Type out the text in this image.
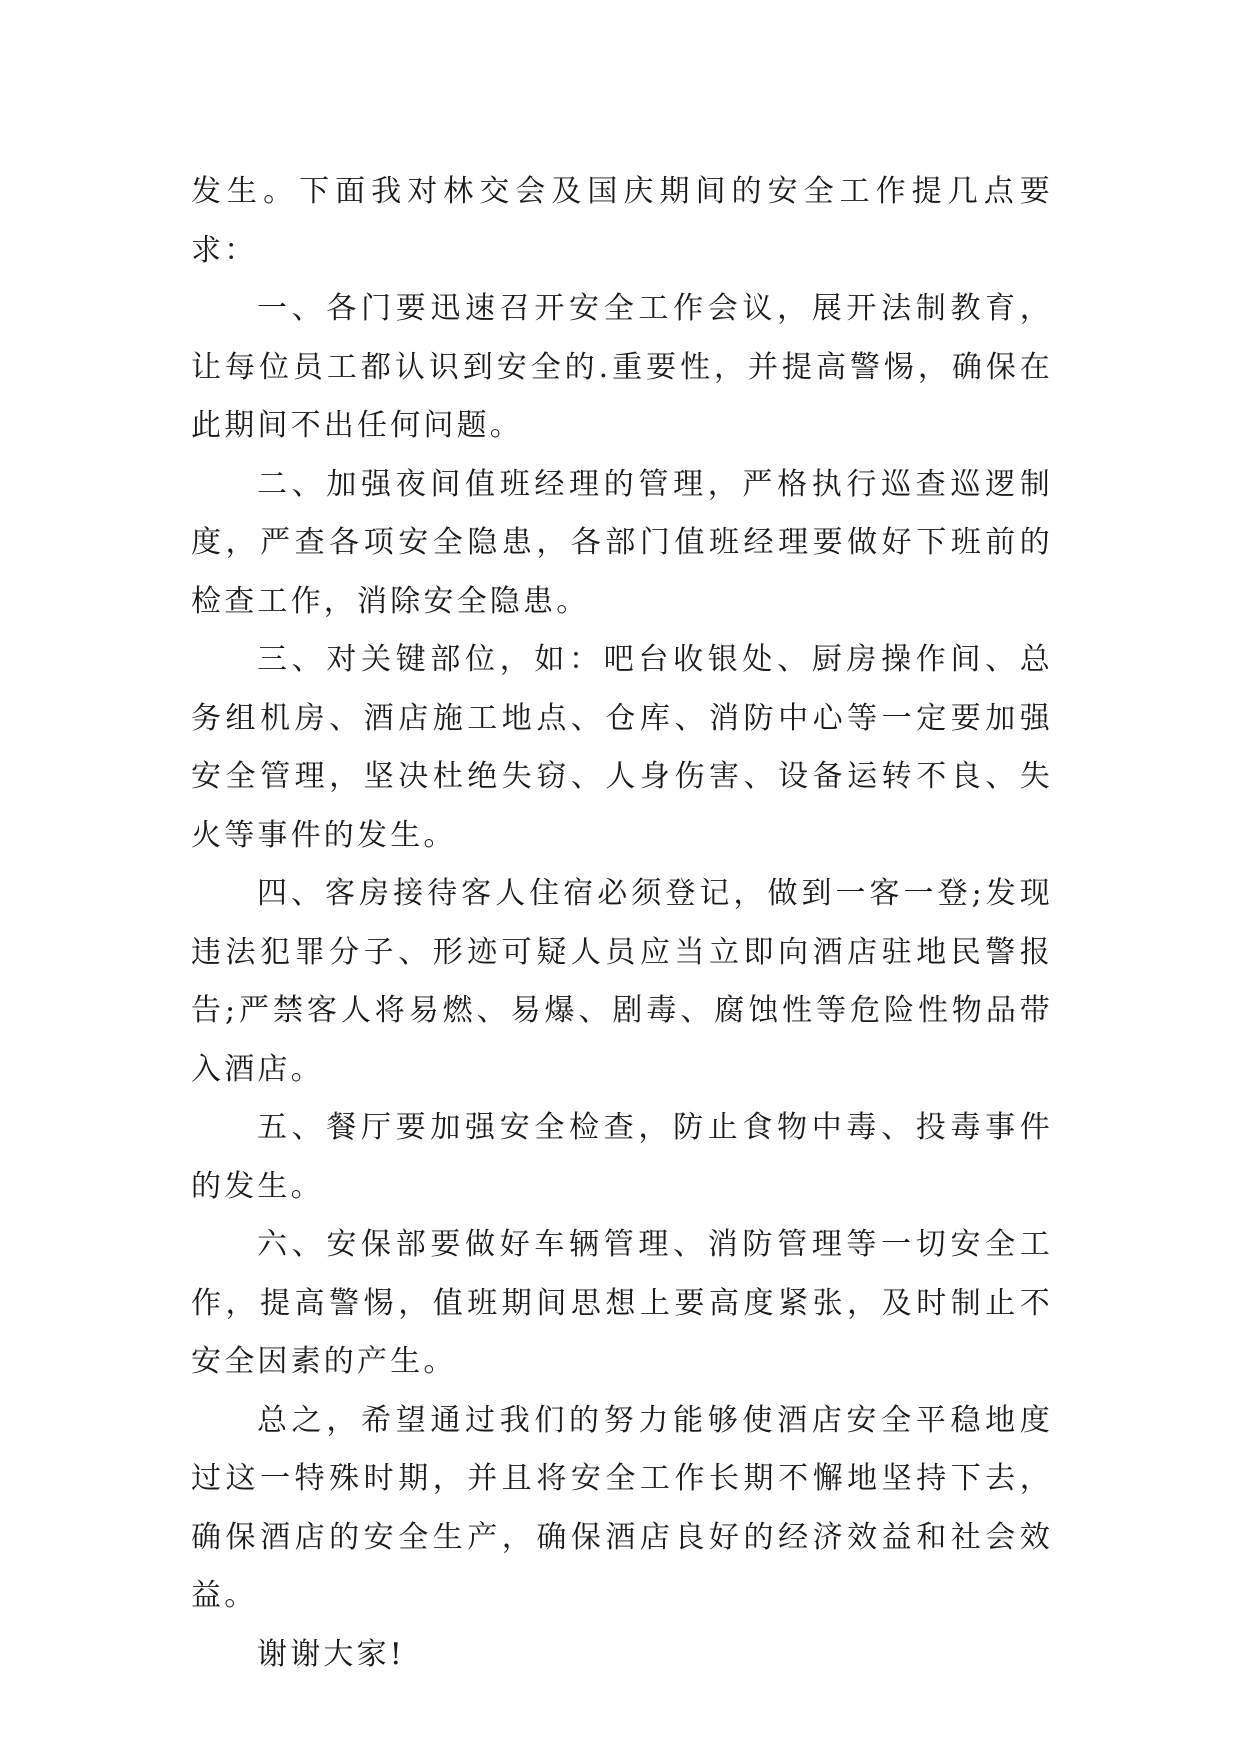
发生。下面我对林交会及国庆期间的安全工作提几点要求：

一、各门要迅速召开安全工作会议，展开法制教育，让每位员工都认识到安全的.重要性，并提高警惕，确保在此期间不出任何问题。

二、加强夜间值班经理的管理，严格执行巡查巡逻制度，严查各项安全隐患，各部门值班经理要做好下班前的检查工作，消除安全隐患。

三、对关键部位，如：吧台收银处、厨房操作间、总务组机房、酒店施工地点、仓库、消防中心等一定要加强安全管理，坚决杜绝失窃、人身伤害、设备运转不良、失火等事件的发生。

四、客房接待客人住宿必须登记，做到一客一登;发现违法犯罪分子、形迹可疑人员应当立即向酒店驻地民警报告;严禁客人将易燃、易爆、剧毒、腐蚀性等危险性物品带入酒店。

五、餐厅要加强安全检查，防止食物中毒、投毒事件的发生。

六、安保部要做好车辆管理、消防管理等一切安全工作，提高警惕，值班期间思想上要高度紧张，及时制止不安全因素的产生。

总之，希望通过我们的努力能够使酒店安全平稳地度过这一特殊时期，并且将安全工作长期不懈地坚持下去，确保酒店的安全生产，确保酒店良好的经济效益和社会效益。

谢谢大家!
